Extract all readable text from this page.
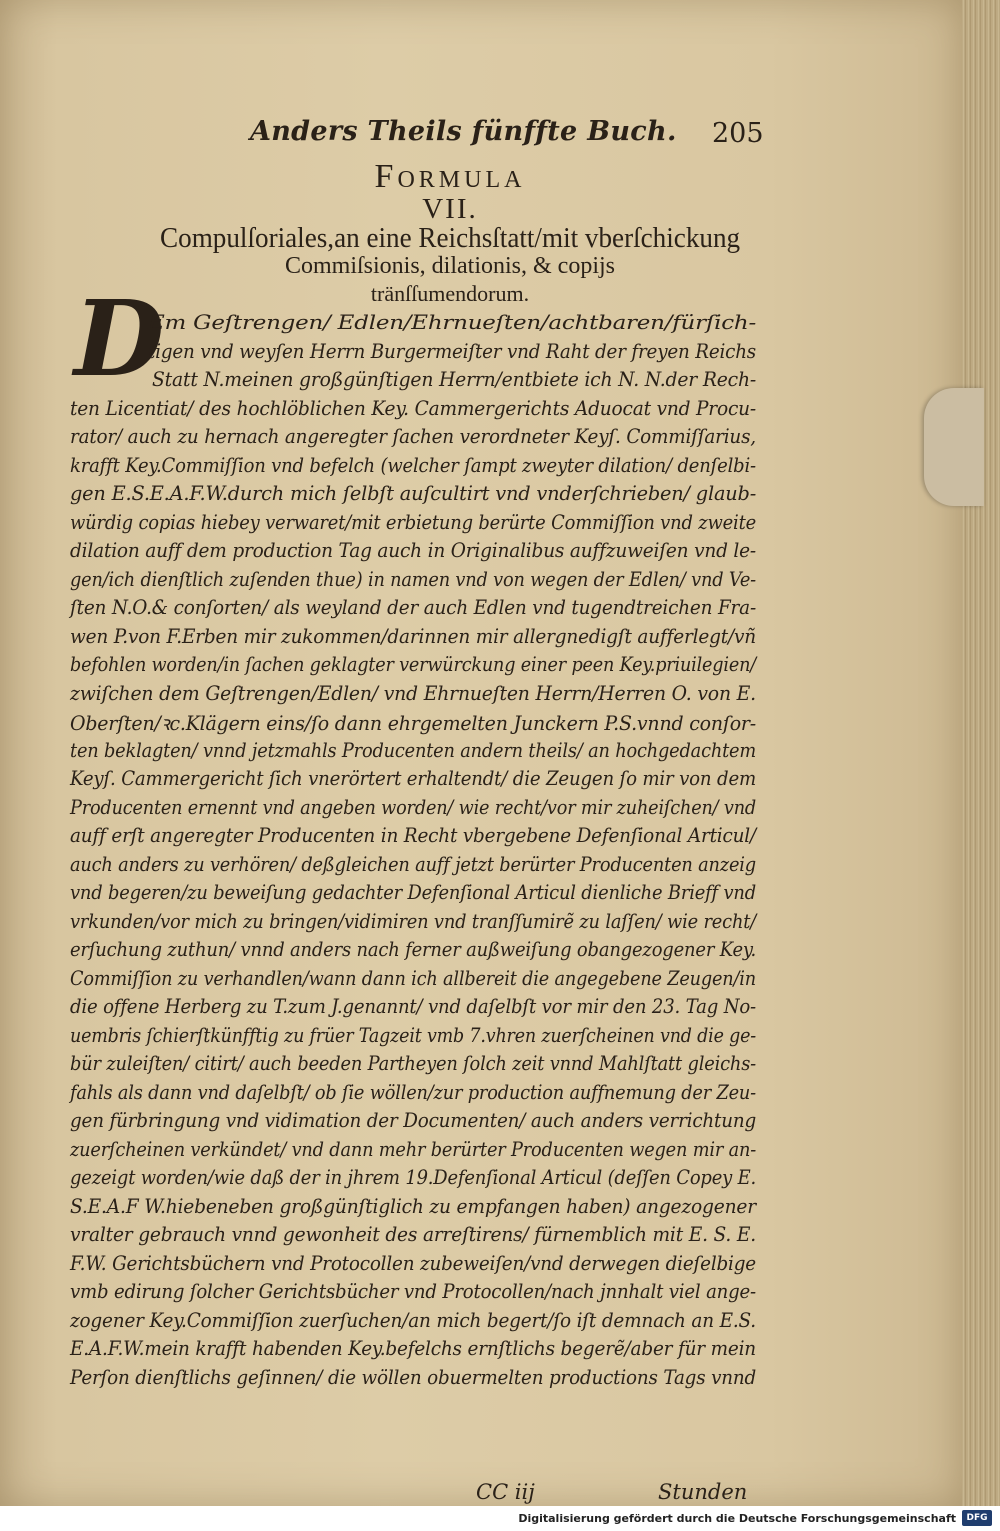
Anders Theils fünffte Buch. 205
Formula
VII.
Compulſoriales,an eine Reichsſtatt/mit vberſchickung
Commiſsionis, dilationis, & copijs
tränſſumendorum.
D
Em Geſtrengen/ Edlen/Ehrnueſten/achtbaren/fürſich-
tigen vnd weyſen Herrn Burgermeiſter vnd Raht der freyen Reichs
Statt N.meinen großgünſtigen Herrn/entbiete ich N. N.der Rech-
ten Licentiat/ des hochlöblichen Key. Cammergerichts Aduocat vnd Procu-
rator/ auch zu hernach angeregter ſachen verordneter Keyſ. Commiſſarius,
krafft Key.Commiſſion vnd befelch (welcher ſampt zweyter dilation/ denſelbi-
gen E.S.E.A.F.W.durch mich ſelbſt auſcultirt vnd vnderſchrieben/ glaub-
würdig copias hiebey verwaret/mit erbietung berürte Commiſſion vnd zweite
dilation auff dem production Tag auch in Originalibus auffzuweiſen vnd le-
gen/ich dienſtlich zuſenden thue) in namen vnd von wegen der Edlen/ vnd Ve-
ſten N.O.& conſorten/ als weyland der auch Edlen vnd tugendtreichen Fra-
wen P.von F.Erben mir zukommen/darinnen mir allergnedigſt aufferlegt/vñ
befohlen worden/in ſachen geklagter verwürckung einer peen Key.priuilegien/
zwiſchen dem Geſtrengen/Edlen/ vnd Ehrnueſten Herrn/Herren O. von E.
Oberſten/ꝛc.Klägern eins/ſo dann ehrgemelten Junckern P.S.vnnd conſor-
ten beklagten/ vnnd jetzmahls Producenten andern theils/ an hochgedachtem
Keyſ. Cammergericht ſich vnerörtert erhaltendt/ die Zeugen ſo mir von dem
Producenten ernennt vnd angeben worden/ wie recht/vor mir zuheiſchen/ vnd
auff erſt angeregter Producenten in Recht vbergebene Defenſional Articul/
auch anders zu verhören/ deßgleichen auff jetzt berürter Producenten anzeig
vnd begeren/zu beweiſung gedachter Defenſional Articul dienliche Brieff vnd
vrkunden/vor mich zu bringen/vidimiren vnd tranſſumirẽ zu laſſen/ wie recht/
erſuchung zuthun/ vnnd anders nach ferner außweiſung obangezogener Key.
Commiſſion zu verhandlen/wann dann ich allbereit die angegebene Zeugen/in
die offene Herberg zu T.zum J.genannt/ vnd daſelbſt vor mir den 23. Tag No-
uembris ſchierſtkünfftig zu früer Tagzeit vmb 7.vhren zuerſcheinen vnd die ge-
bür zuleiſten/ citirt/ auch beeden Partheyen ſolch zeit vnnd Mahlſtatt gleichs-
fahls als dann vnd daſelbſt/ ob ſie wöllen/zur production auffnemung der Zeu-
gen fürbringung vnd vidimation der Documenten/ auch anders verrichtung
zuerſcheinen verkündet/ vnd dann mehr berürter Producenten wegen mir an-
gezeigt worden/wie daß der in jhrem 19.Defenſional Articul (deſſen Copey E.
S.E.A.F W.hiebeneben großgünſtiglich zu empfangen haben) angezogener
vralter gebrauch vnnd gewonheit des arreſtirens/ fürnemblich mit E. S. E.
F.W. Gerichtsbüchern vnd Protocollen zubeweiſen/vnd derwegen dieſelbige
vmb edirung ſolcher Gerichtsbücher vnd Protocollen/nach jnnhalt viel ange-
zogener Key.Commiſſion zuerſuchen/an mich begert/ſo iſt demnach an E.S.
E.A.F.W.mein krafft habenden Key.befelchs ernſtlichs begerẽ/aber für mein
Perſon dienſtlichs geſinnen/ die wöllen obuermelten productions Tags vnnd
CC iij	Stunden
Digitalisierung gefördert durch die Deutsche Forschungsgemeinschaft	DFG
